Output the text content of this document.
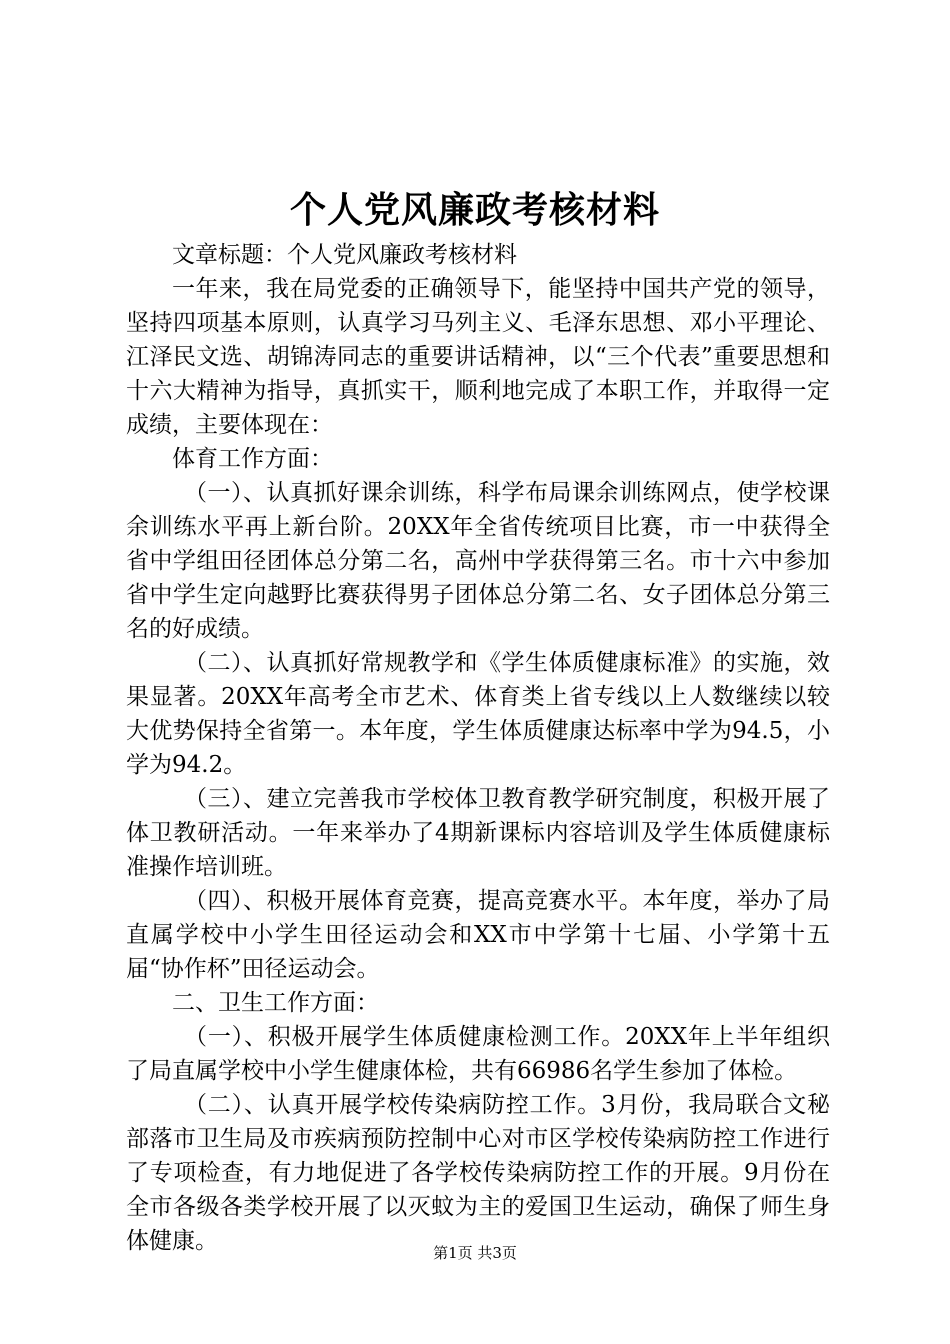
个人党风廉政考核材料

文章标题：个人党风廉政考核材料

一年来，我在局党委的正确领导下，能坚持中国共产党的领导，坚持四项基本原则，认真学习马列主义、毛泽东思想、邓小平理论、江泽民文选、胡锦涛同志的重要讲话精神，以“三个代表”重要思想和十六大精神为指导，真抓实干，顺利地完成了本职工作，并取得一定成绩，主要体现在：

体育工作方面：

（一）、认真抓好课余训练，科学布局课余训练网点，使学校课余训练水平再上新台阶。20XX年全省传统项目比赛，市一中获得全省中学组田径团体总分第二名，高州中学获得第三名。市十六中参加省中学生定向越野比赛获得男子团体总分第二名、女子团体总分第三名的好成绩。

（二）、认真抓好常规教学和《学生体质健康标准》的实施，效果显著。20XX年高考全市艺术、体育类上省专线以上人数继续以较大优势保持全省第一。本年度，学生体质健康达标率中学为94.5，小学为94.2。

（三）、建立完善我市学校体卫教育教学研究制度，积极开展了体卫教研活动。一年来举办了4期新课标内容培训及学生体质健康标准操作培训班。

（四）、积极开展体育竞赛，提高竞赛水平。本年度，举办了局直属学校中小学生田径运动会和XX市中学第十七届、小学第十五届“协作杯”田径运动会。

二、卫生工作方面：

（一）、积极开展学生体质健康检测工作。20XX年上半年组织了局直属学校中小学生健康体检，共有66986名学生参加了体检。

（二）、认真开展学校传染病防控工作。3月份，我局联合文秘部落市卫生局及市疾病预防控制中心对市区学校传染病防控工作进行了专项检查，有力地促进了各学校传染病防控工作的开展。9月份在全市各级各类学校开展了以灭蚊为主的爱国卫生运动，确保了师生身体健康。	第1页 共3页
